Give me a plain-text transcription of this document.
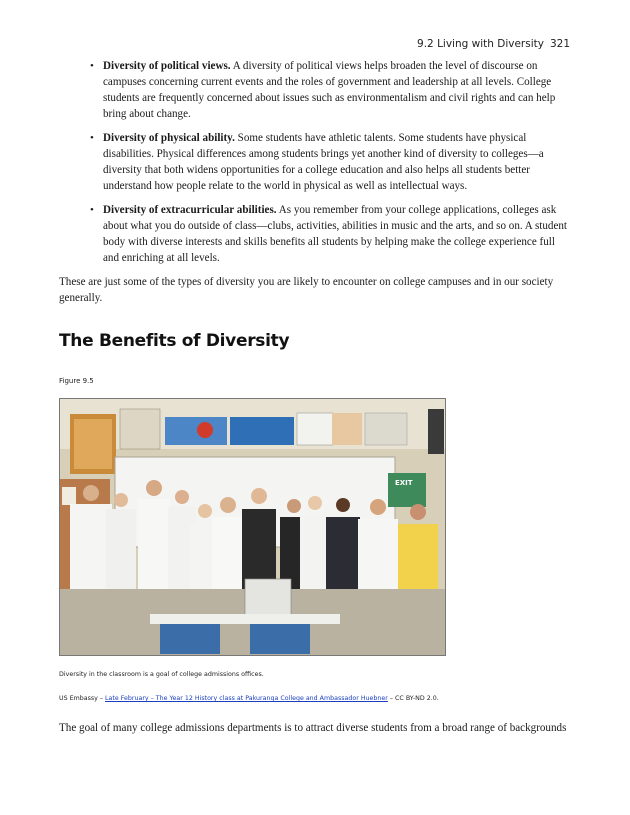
9.2 Living with Diversity 321
• Diversity of political views. A diversity of political views helps broaden the level of discourse on campuses concerning current events and the roles of government and leadership at all levels. College students are frequently concerned about issues such as environmentalism and civil rights and can help bring about change.
• Diversity of physical ability. Some students have athletic talents. Some students have physical disabilities. Physical differences among students brings yet another kind of diversity to colleges—a diversity that both widens opportunities for a college education and also helps all students better understand how people relate to the world in physical as well as intellectual ways.
• Diversity of extracurricular abilities. As you remember from your college applications, colleges ask about what you do outside of class—clubs, activities, abilities in music and the arts, and so on. A student body with diverse interests and skills benefits all students by helping make the college experience full and enriching at all levels.

These are just some of the types of diversity you are likely to encounter on college campuses and in our society generally.

The Benefits of Diversity
Figure 9.5
EXIT
Diversity in the classroom is a goal of college admissions offices.
US Embassy – Late February – The Year 12 History class at Pakuranga College and Ambassador Huebner – CC BY-ND 2.0.

The goal of many college admissions departments is to attract diverse students from a broad range of backgrounds
